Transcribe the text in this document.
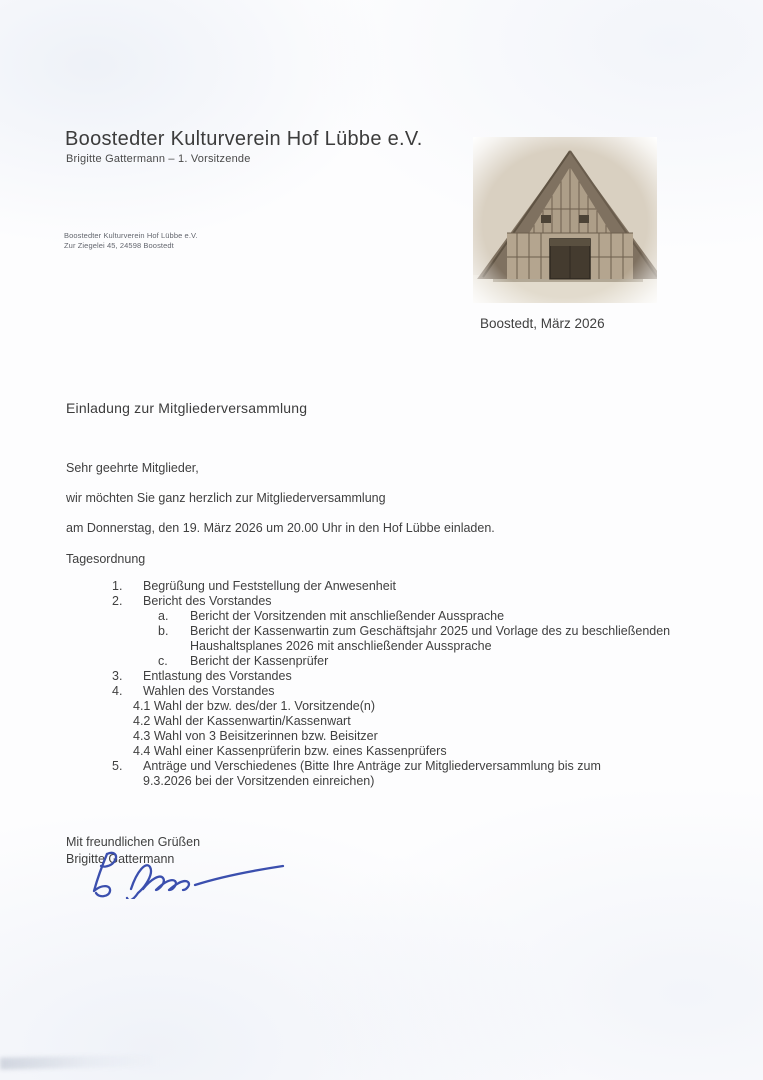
Boostedter Kulturverein Hof Lübbe e.V.
Brigitte Gattermann – 1. Vorsitzende
Boostedter Kulturverein Hof Lübbe e.V.
Zur Ziegelei 45, 24598 Boostedt
Boostedt, März 2026
Einladung zur Mitgliederversammlung
Sehr geehrte Mitglieder,
wir möchten Sie ganz herzlich zur Mitgliederversammlung
am Donnerstag, den 19. März 2026 um 20.00 Uhr in den Hof Lübbe einladen.
Tagesordnung
1.	Begrüßung und Feststellung der Anwesenheit
2.	Bericht des Vorstandes
a.	Bericht der Vorsitzenden mit anschließender Aussprache
b.	Bericht der Kassenwartin zum Geschäftsjahr 2025 und Vorlage des zu beschließenden Haushaltsplanes 2026 mit anschließender Aussprache
c.	Bericht der Kassenprüfer
3.	Entlastung des Vorstandes
4.	Wahlen des Vorstandes
4.1 Wahl der bzw. des/der 1. Vorsitzende(n)
4.2 Wahl der Kassenwartin/Kassenwart
4.3 Wahl von 3 Beisitzerinnen bzw. Beisitzer
4.4 Wahl einer Kassenprüferin bzw. eines Kassenprüfers
5.	Anträge und Verschiedenes (Bitte Ihre Anträge zur Mitgliederversammlung bis zum 9.3.2026 bei der Vorsitzenden einreichen)
Mit freundlichen Grüßen
Brigitte Gattermann
